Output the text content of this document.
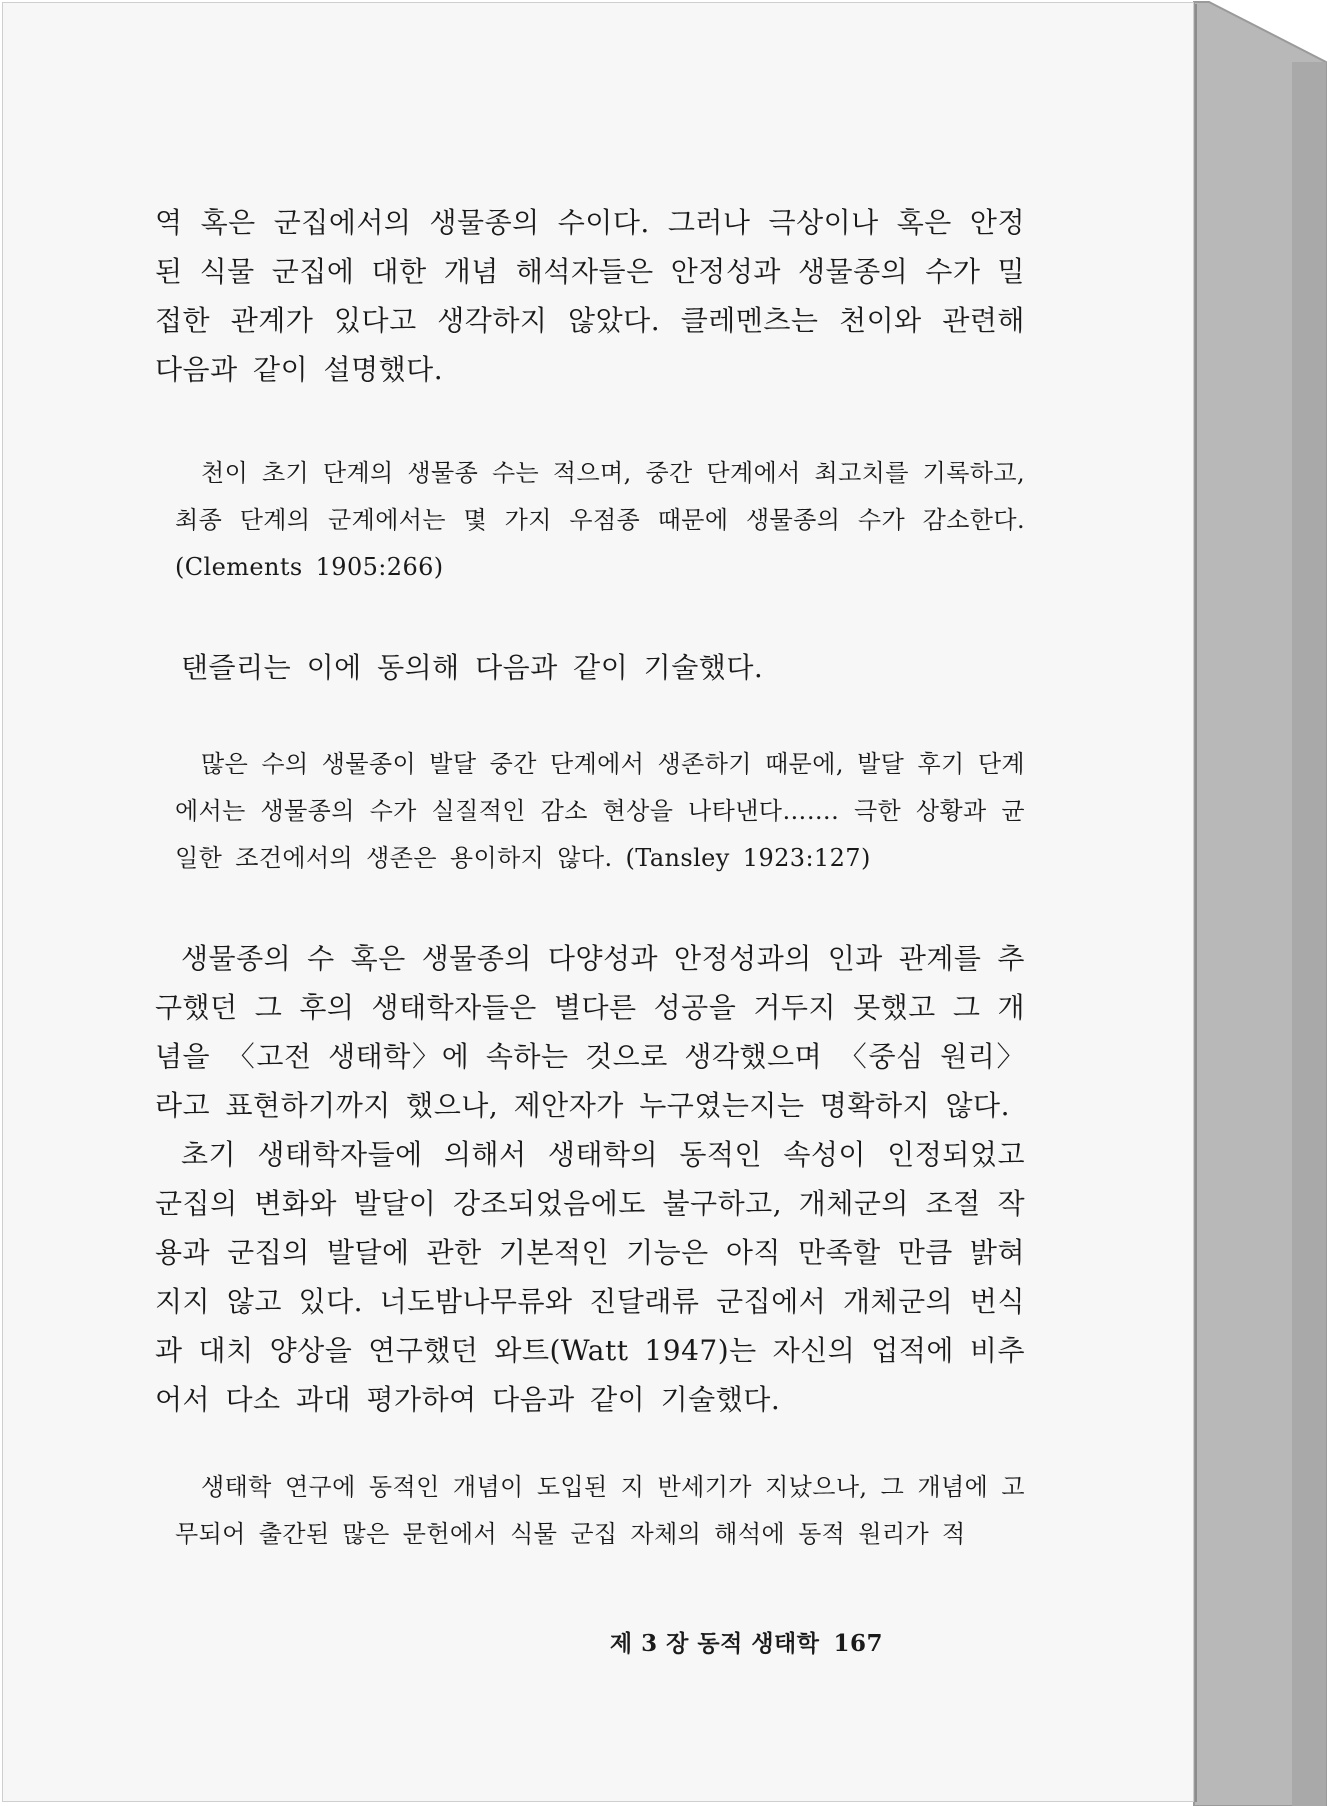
역 혹은 군집에서의 생물종의 수이다. 그러나 극상이나 혹은 안정된 식물 군집에 대한 개념 해석자들은 안정성과 생물종의 수가 밀접한 관계가 있다고 생각하지 않았다. 클레멘츠는 천이와 관련해 다음과 같이 설명했다.

천이 초기 단계의 생물종 수는 적으며, 중간 단계에서 최고치를 기록하고, 최종 단계의 군계에서는 몇 가지 우점종 때문에 생물종의 수가 감소한다. (Clements 1905:266)

탠즐리는 이에 동의해 다음과 같이 기술했다.

많은 수의 생물종이 발달 중간 단계에서 생존하기 때문에, 발달 후기 단계에서는 생물종의 수가 실질적인 감소 현상을 나타낸다……. 극한 상황과 균일한 조건에서의 생존은 용이하지 않다. (Tansley 1923:127)

생물종의 수 혹은 생물종의 다양성과 안정성과의 인과 관계를 추구했던 그 후의 생태학자들은 별다른 성공을 거두지 못했고 그 개념을 〈고전 생태학〉에 속하는 것으로 생각했으며 〈중심 원리〉라고 표현하기까지 했으나, 제안자가 누구였는지는 명확하지 않다.

초기 생태학자들에 의해서 생태학의 동적인 속성이 인정되었고 군집의 변화와 발달이 강조되었음에도 불구하고, 개체군의 조절 작용과 군집의 발달에 관한 기본적인 기능은 아직 만족할 만큼 밝혀지지 않고 있다. 너도밤나무류와 진달래류 군집에서 개체군의 번식과 대치 양상을 연구했던 와트(Watt 1947)는 자신의 업적에 비추어서 다소 과대 평가하여 다음과 같이 기술했다.

생태학 연구에 동적인 개념이 도입된 지 반세기가 지났으나, 그 개념에 고무되어 출간된 많은 문헌에서 식물 군집 자체의 해석에 동적 원리가 적

제 3 장 동적 생태학 167
